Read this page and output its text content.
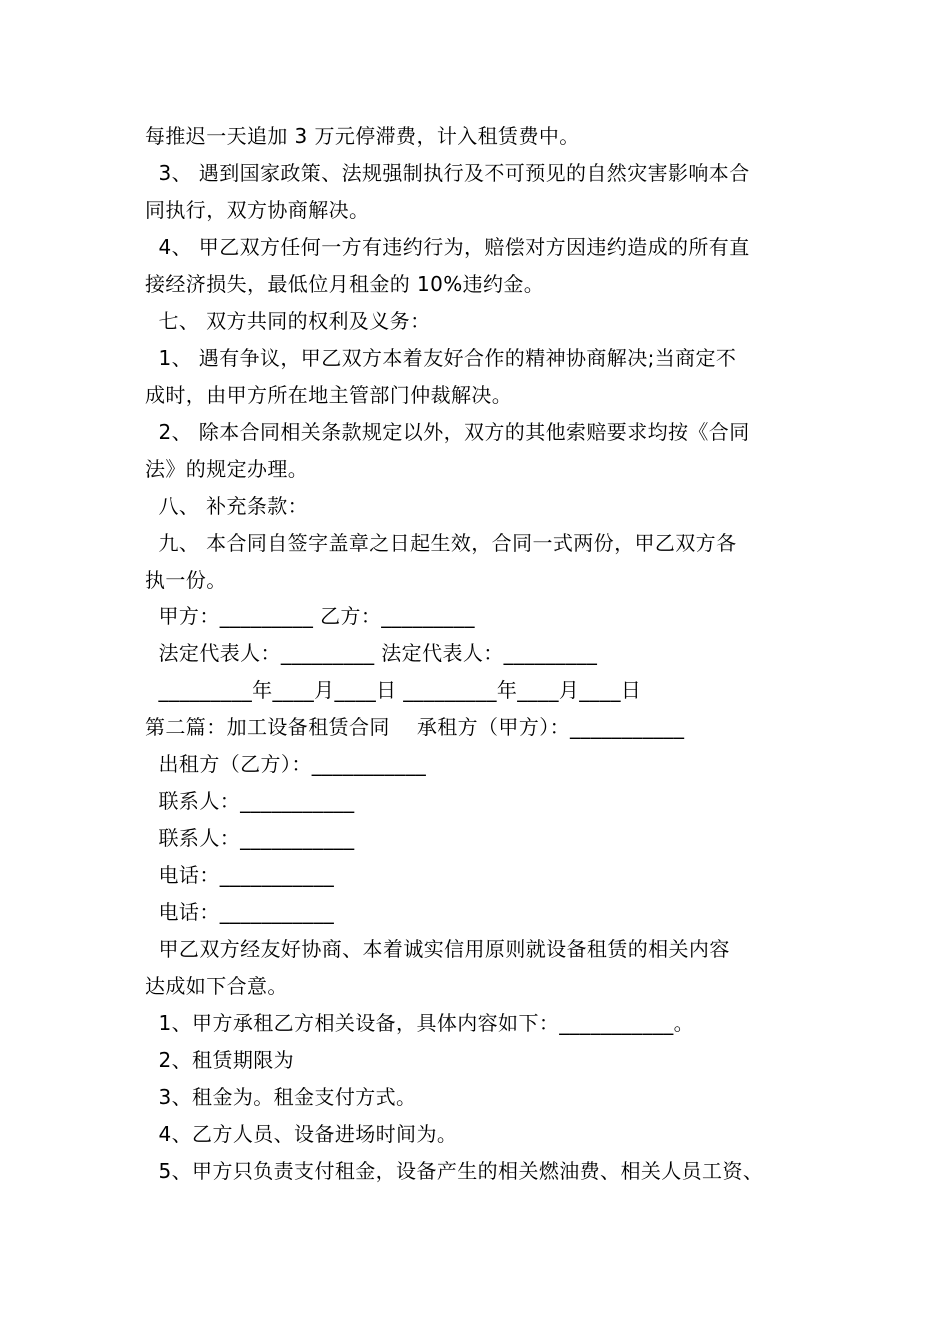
每推迟一天追加 3 万元停滞费，计入租赁费中。
3、 遇到国家政策、法规强制执行及不可预见的自然灾害影响本合
同执行，双方协商解决。
4、 甲乙双方任何一方有违约行为，赔偿对方因违约造成的所有直
接经济损失，最低位月租金的 10%违约金。
七、 双方共同的权利及义务：
1、 遇有争议，甲乙双方本着友好合作的精神协商解决;当商定不
成时，由甲方所在地主管部门仲裁解决。
2、 除本合同相关条款规定以外，双方的其他索赔要求均按《合同
法》的规定办理。
八、 补充条款：
九、 本合同自签字盖章之日起生效，合同一式两份，甲乙双方各
执一份。
甲方：_________ 乙方：_________
法定代表人：_________ 法定代表人：_________
_________年____月____日 _________年____月____日
第二篇：加工设备租赁合同    承租方（甲方）：___________
出租方（乙方）：___________
联系人：___________
联系人：___________
电话：___________
电话：___________
甲乙双方经友好协商、本着诚实信用原则就设备租赁的相关内容
达成如下合意。
1、甲方承租乙方相关设备，具体内容如下：___________。
2、租赁期限为
3、租金为。租金支付方式。
4、乙方人员、设备进场时间为。
5、甲方只负责支付租金，设备产生的相关燃油费、相关人员工资、
